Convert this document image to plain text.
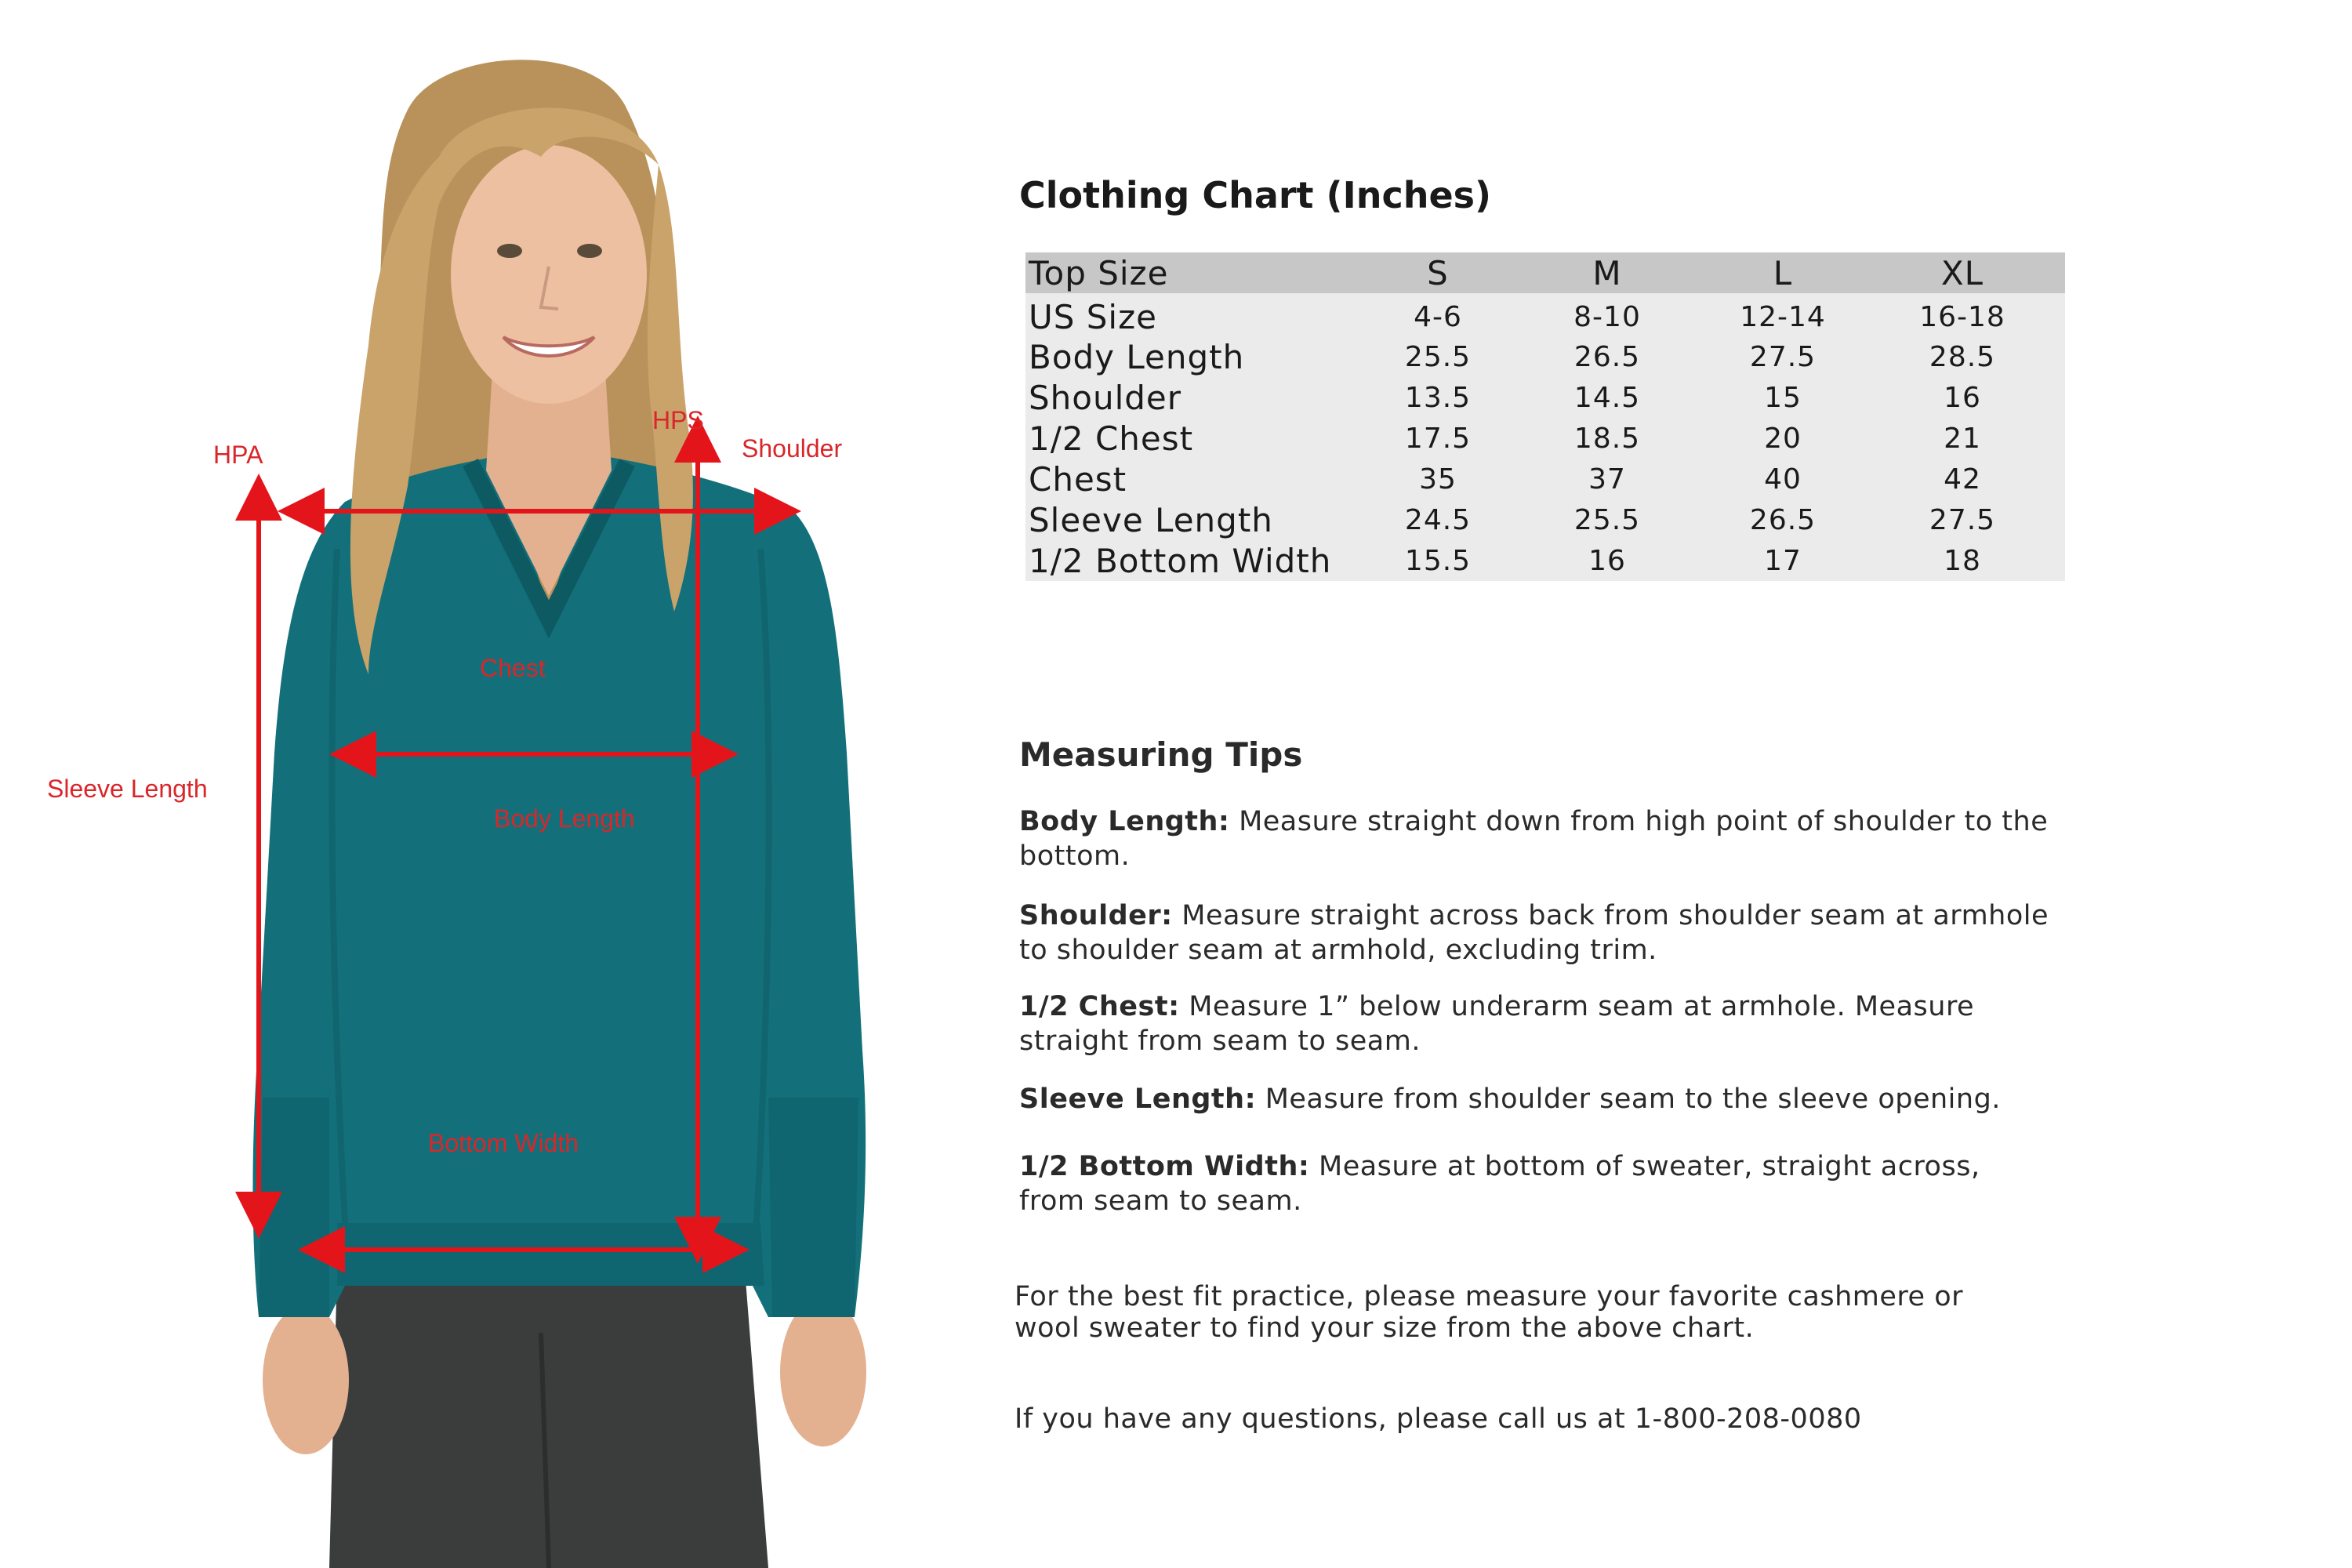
HPA
HPS
Shoulder
Chest
Sleeve Length
Body Length
Bottom Width
Clothing Chart (Inches)
Top Size	S	M	L	XL
US Size	4-6	8-10	12-14	16-18
Body Length	25.5	26.5	27.5	28.5
Shoulder	13.5	14.5	15	16
1/2 Chest	17.5	18.5	20	21
Chest	35	37	40	42
Sleeve Length	24.5	25.5	26.5	27.5
1/2 Bottom Width	15.5	16	17	18
Measuring Tips

Body Length: Measure straight down from high point of shoulder to the bottom.

Shoulder: Measure straight across back from shoulder seam at armhole to shoulder seam at armhold, excluding trim.

1/2 Chest: Measure 1” below underarm seam at armhole. Measure straight from seam to seam.

Sleeve Length: Measure from shoulder seam to the sleeve opening.

1/2 Bottom Width: Measure at bottom of sweater, straight across, from seam to seam.

For the best fit practice, please measure your favorite cashmere or wool sweater to find your size from the above chart.

If you have any questions, please call us at 1-800-208-0080
